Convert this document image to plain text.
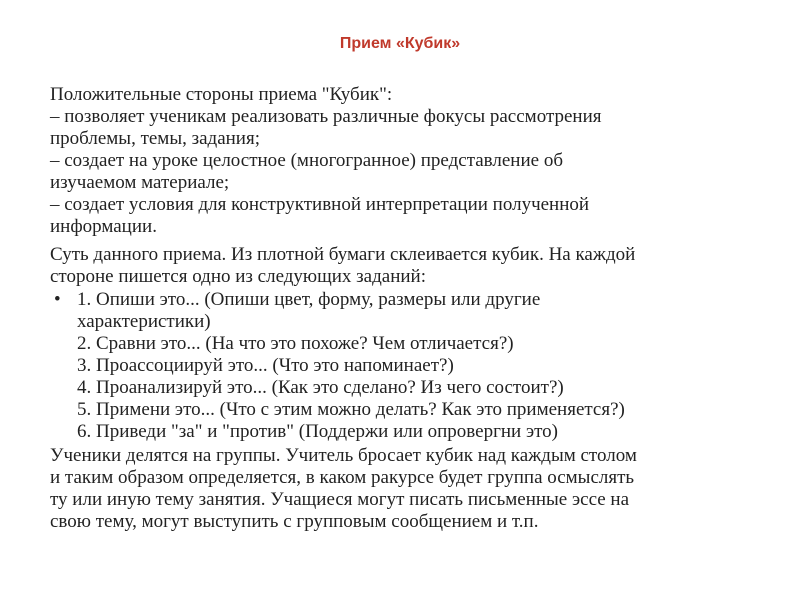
Прием «Кубик»

Положительные стороны приема "Кубик":
– позволяет ученикам реализовать различные фокусы рассмотрения
проблемы, темы, задания;
– создает на уроке целостное (многогранное) представление об
изучаемом материале;
– создает условия для конструктивной интерпретации полученной
информации.

Суть данного приема. Из плотной бумаги склеивается кубик. На каждой
стороне пишется одно из следующих заданий:

• 1. Опиши это... (Опиши цвет, форму, размеры или другие
характеристики)
2. Сравни это... (На что это похоже? Чем отличается?)
3. Проассоциируй это... (Что это напоминает?)
4. Проанализируй это... (Как это сделано? Из чего состоит?)
5. Примени это... (Что с этим можно делать? Как это применяется?)
6. Приведи "за" и "против" (Поддержи или опровергни это)

Ученики делятся на группы. Учитель бросает кубик над каждым столом
и таким образом определяется, в каком ракурсе будет группа осмыслять
ту или иную тему занятия. Учащиеся могут писать письменные эссе на
свою тему, могут выступить с групповым сообщением и т.п.
